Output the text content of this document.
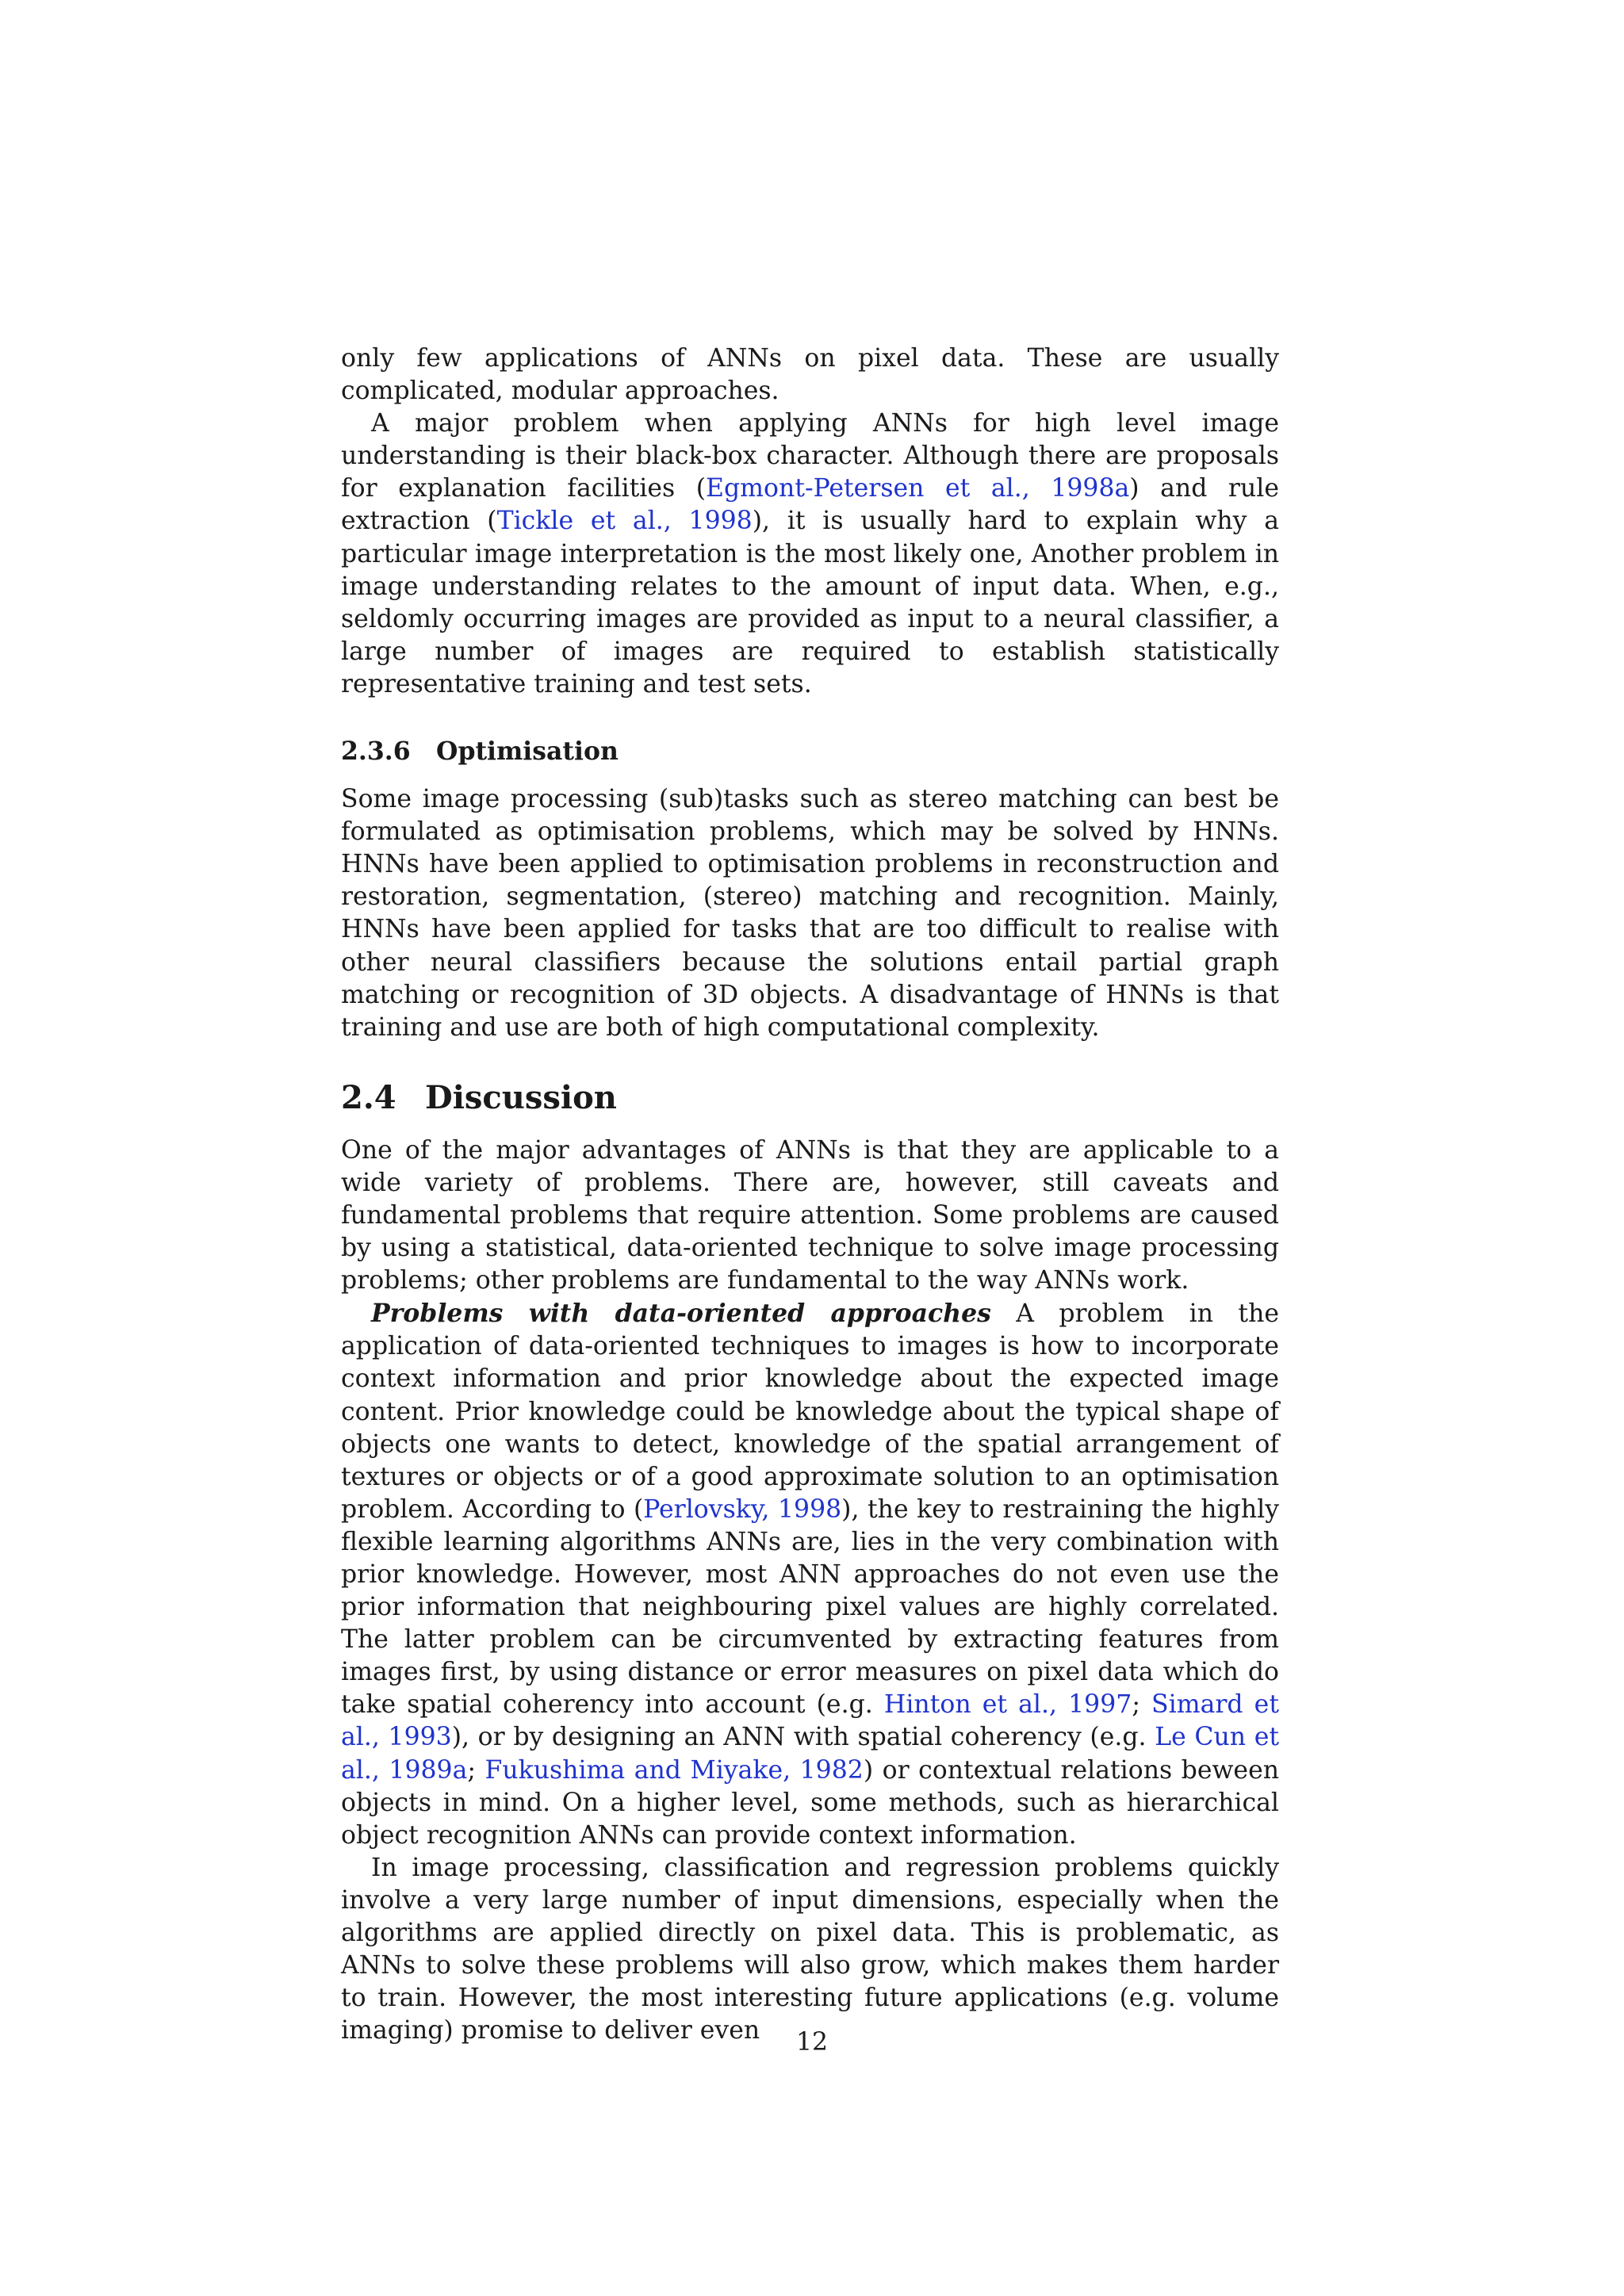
only few applications of ANNs on pixel data. These are usually complicated, modular approaches.

A major problem when applying ANNs for high level image understanding is their black-box character. Although there are proposals for explanation facilities (Egmont-Petersen et al., 1998a) and rule extraction (Tickle et al., 1998), it is usually hard to explain why a particular image interpretation is the most likely one, Another problem in image understanding relates to the amount of input data. When, e.g., seldomly occurring images are provided as input to a neural classifier, a large number of images are required to establish statistically representative training and test sets.

2.3.6 Optimisation

Some image processing (sub)tasks such as stereo matching can best be formulated as optimisation problems, which may be solved by HNNs. HNNs have been applied to optimisation problems in reconstruction and restoration, segmentation, (stereo) matching and recognition. Mainly, HNNs have been applied for tasks that are too difficult to realise with other neural classifiers because the solutions entail partial graph matching or recognition of 3D objects. A disadvantage of HNNs is that training and use are both of high computational complexity.

2.4 Discussion

One of the major advantages of ANNs is that they are applicable to a wide variety of problems. There are, however, still caveats and fundamental problems that require attention. Some problems are caused by using a statistical, data-oriented technique to solve image processing problems; other problems are fundamental to the way ANNs work.

Problems with data-oriented approaches A problem in the application of data-oriented techniques to images is how to incorporate context information and prior knowledge about the expected image content. Prior knowledge could be knowledge about the typical shape of objects one wants to detect, knowledge of the spatial arrangement of textures or objects or of a good approximate solution to an optimisation problem. According to (Perlovsky, 1998), the key to restraining the highly flexible learning algorithms ANNs are, lies in the very combination with prior knowledge. However, most ANN approaches do not even use the prior information that neighbouring pixel values are highly correlated. The latter problem can be circumvented by extracting features from images first, by using distance or error measures on pixel data which do take spatial coherency into account (e.g. Hinton et al., 1997; Simard et al., 1993), or by designing an ANN with spatial coherency (e.g. Le Cun et al., 1989a; Fukushima and Miyake, 1982) or contextual relations beween objects in mind. On a higher level, some methods, such as hierarchical object recognition ANNs can provide context information.

In image processing, classification and regression problems quickly involve a very large number of input dimensions, especially when the algorithms are applied directly on pixel data. This is problematic, as ANNs to solve these problems will also grow, which makes them harder to train. However, the most interesting future applications (e.g. volume imaging) promise to deliver even	12
